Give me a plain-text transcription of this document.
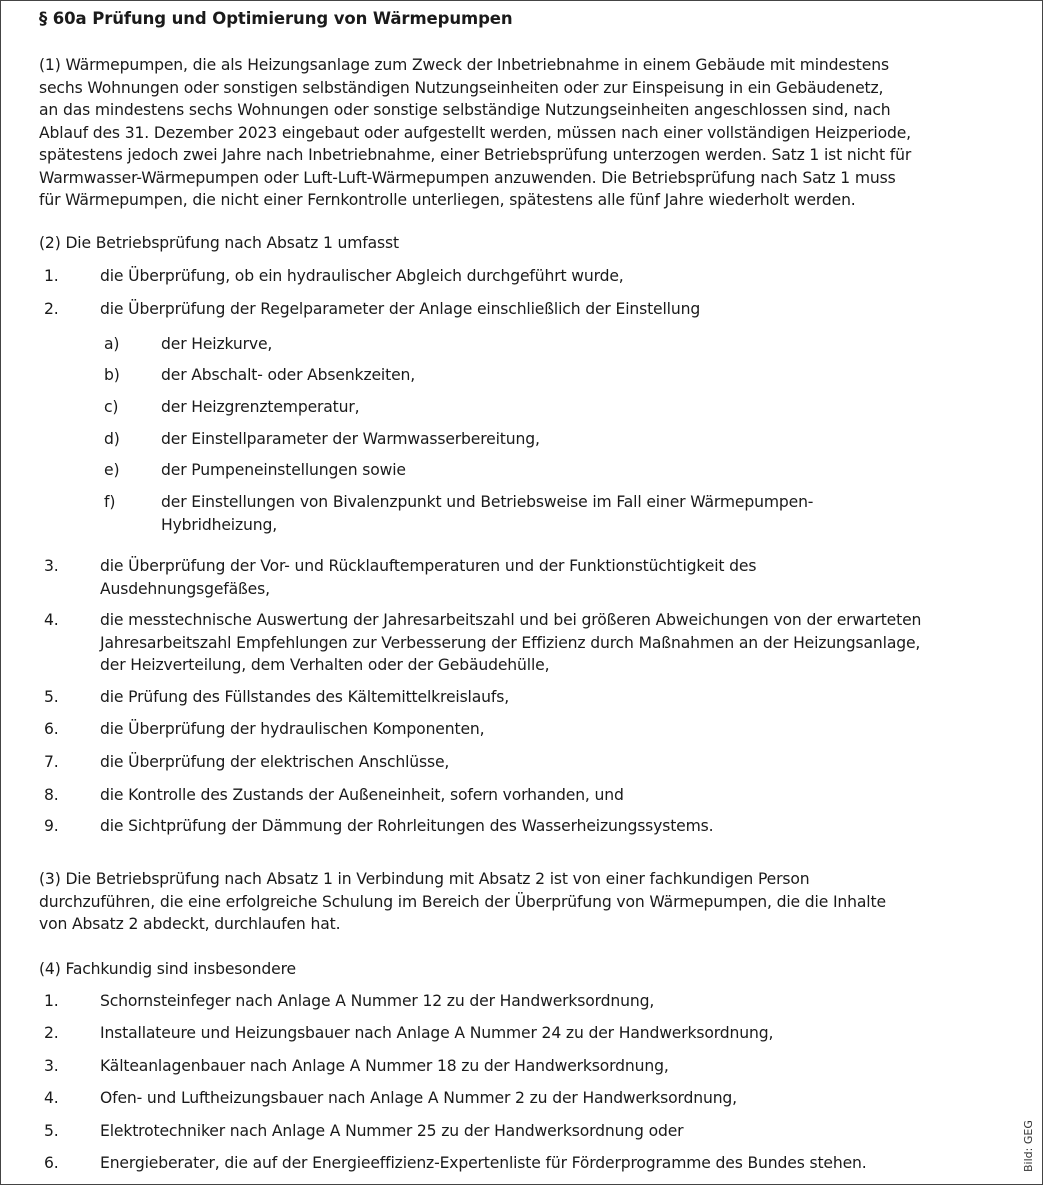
§ 60a Prüfung und Optimierung von Wärmepumpen
(1) Wärmepumpen, die als Heizungsanlage zum Zweck der Inbetriebnahme in einem Gebäude mit mindestens
sechs Wohnungen oder sonstigen selbständigen Nutzungseinheiten oder zur Einspeisung in ein Gebäudenetz,
an das mindestens sechs Wohnungen oder sonstige selbständige Nutzungseinheiten angeschlossen sind, nach
Ablauf des 31. Dezember 2023 eingebaut oder aufgestellt werden, müssen nach einer vollständigen Heizperiode,
spätestens jedoch zwei Jahre nach Inbetriebnahme, einer Betriebsprüfung unterzogen werden. Satz 1 ist nicht für
Warmwasser-Wärmepumpen oder Luft-Luft-Wärmepumpen anzuwenden. Die Betriebsprüfung nach Satz 1 muss
für Wärmepumpen, die nicht einer Fernkontrolle unterliegen, spätestens alle fünf Jahre wiederholt werden.
(2) Die Betriebsprüfung nach Absatz 1 umfasst
1.	die Überprüfung, ob ein hydraulischer Abgleich durchgeführt wurde,
2.	die Überprüfung der Regelparameter der Anlage einschließlich der Einstellung
a)	der Heizkurve,
b)	der Abschalt- oder Absenkzeiten,
c)	der Heizgrenztemperatur,
d)	der Einstellparameter der Warmwasserbereitung,
e)	der Pumpeneinstellungen sowie
f)	der Einstellungen von Bivalenzpunkt und Betriebsweise im Fall einer Wärmepumpen-
Hybridheizung,
3.	die Überprüfung der Vor- und Rücklauftemperaturen und der Funktionstüchtigkeit des
Ausdehnungsgefäßes,
4.	die messtechnische Auswertung der Jahresarbeitszahl und bei größeren Abweichungen von der erwarteten
Jahresarbeitszahl Empfehlungen zur Verbesserung der Effizienz durch Maßnahmen an der Heizungsanlage,
der Heizverteilung, dem Verhalten oder der Gebäudehülle,
5.	die Prüfung des Füllstandes des Kältemittelkreislaufs,
6.	die Überprüfung der hydraulischen Komponenten,
7.	die Überprüfung der elektrischen Anschlüsse,
8.	die Kontrolle des Zustands der Außeneinheit, sofern vorhanden, und
9.	die Sichtprüfung der Dämmung der Rohrleitungen des Wasserheizungssystems.
(3) Die Betriebsprüfung nach Absatz 1 in Verbindung mit Absatz 2 ist von einer fachkundigen Person
durchzuführen, die eine erfolgreiche Schulung im Bereich der Überprüfung von Wärmepumpen, die die Inhalte
von Absatz 2 abdeckt, durchlaufen hat.
(4) Fachkundig sind insbesondere
1.	Schornsteinfeger nach Anlage A Nummer 12 zu der Handwerksordnung,
2.	Installateure und Heizungsbauer nach Anlage A Nummer 24 zu der Handwerksordnung,
3.	Kälteanlagenbauer nach Anlage A Nummer 18 zu der Handwerksordnung,
4.	Ofen- und Luftheizungsbauer nach Anlage A Nummer 2 zu der Handwerksordnung,
5.	Elektrotechniker nach Anlage A Nummer 25 zu der Handwerksordnung oder
6.	Energieberater, die auf der Energieeffizienz-Expertenliste für Förderprogramme des Bundes stehen.	Bild: GEG
